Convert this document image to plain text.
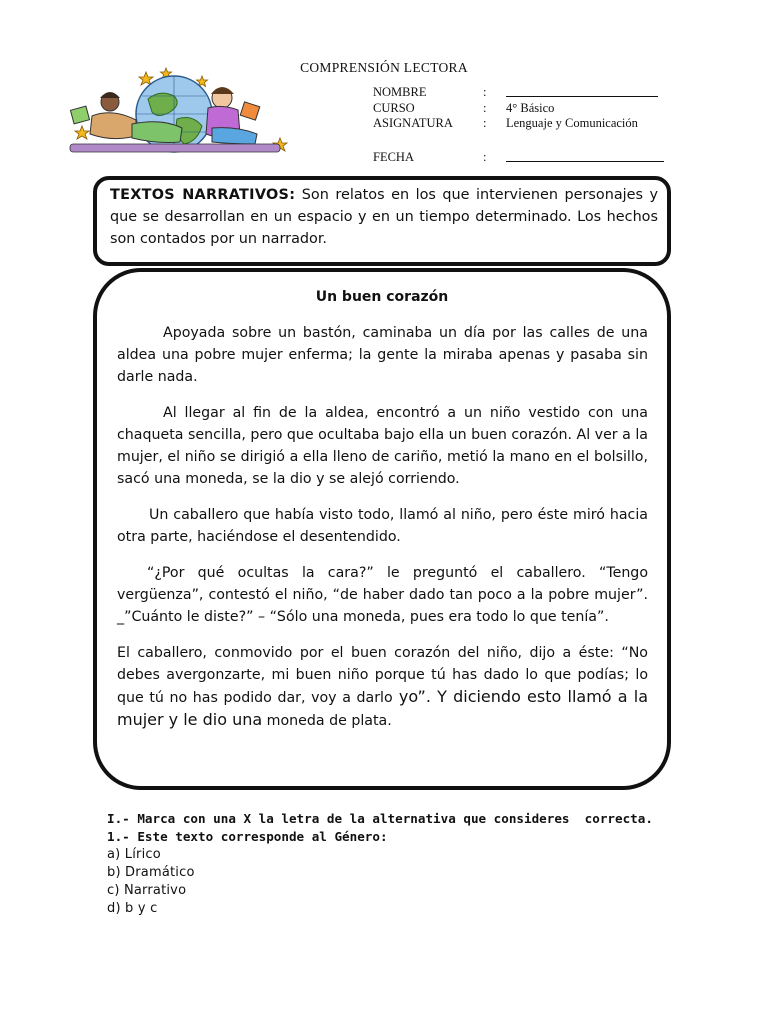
COMPRENSIÓN LECTORA
NOMBRE	:
CURSO	: 4° Básico
ASIGNATURA : Lenguaje y Comunicación
FECHA	:
TEXTOS NARRATIVOS: Son relatos en los que intervienen personajes y que se desarrollan en un espacio y en un tiempo determinado. Los hechos son contados por un narrador.
Un buen corazón

Apoyada sobre un bastón, caminaba un día por las calles de una aldea una pobre mujer enferma; la gente la miraba apenas y pasaba sin darle nada.

Al llegar al fin de la aldea, encontró a un niño vestido con una chaqueta sencilla, pero que ocultaba bajo ella un buen corazón. Al ver a la mujer, el niño se dirigió a ella lleno de cariño, metió la mano en el bolsillo, sacó una moneda, se la dio y se alejó corriendo.

Un caballero que había visto todo, llamó al niño, pero éste miró hacia otra parte, haciéndose el desentendido.

“¿Por qué ocultas la cara?” le preguntó el caballero. “Tengo vergüenza”, contestó el niño, “de haber dado tan poco a la pobre mujer”. _”Cuánto le diste?” – “Sólo una moneda, pues era todo lo que tenía”.

El caballero, conmovido por el buen corazón del niño, dijo a éste: “No debes avergonzarte, mi buen niño porque tú has dado lo que podías; lo que tú no has podido dar, voy a darlo yo”. Y diciendo esto llamó a la mujer y le dio una moneda de plata.

I.- Marca con una X la letra de la alternativa que consideres  correcta.
1.- Este texto corresponde al Género:
a) Lírico
b) Dramático
c) Narrativo
d) b y c
